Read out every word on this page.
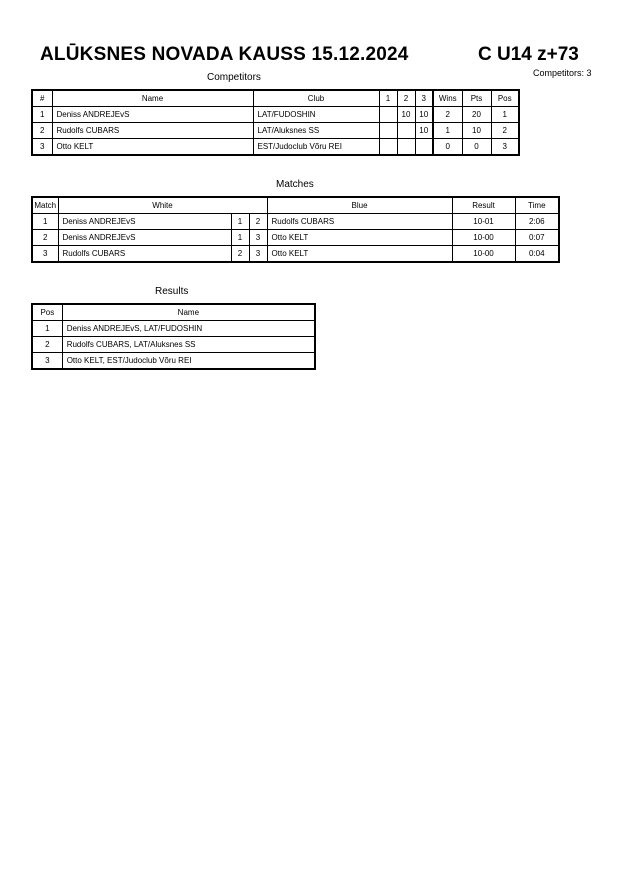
ALŪKSNES NOVADA KAUSS 15.12.2024	C U14 z+73
Competitors: 3
Competitors
#	Name	Club	1	2	3	Wins	Pts	Pos
1	Deniss ANDREJEvS	LAT/FUDOSHIN		10	10	2	20	1
2	Rudolfs CUBARS	LAT/Aluksnes SS			10	1	10	2
3	Otto KELT	EST/Judoclub Võru REI				0	0	3
Matches
Match	White			Blue	Result	Time
1	Deniss ANDREJEvS	1	2	Rudolfs CUBARS	10-01	2:06
2	Deniss ANDREJEvS	1	3	Otto KELT	10-00	0:07
3	Rudolfs CUBARS	2	3	Otto KELT	10-00	0:04
Results
Pos	Name
1	Deniss ANDREJEvS, LAT/FUDOSHIN
2	Rudolfs CUBARS, LAT/Aluksnes SS
3	Otto KELT, EST/Judoclub Võru REI
